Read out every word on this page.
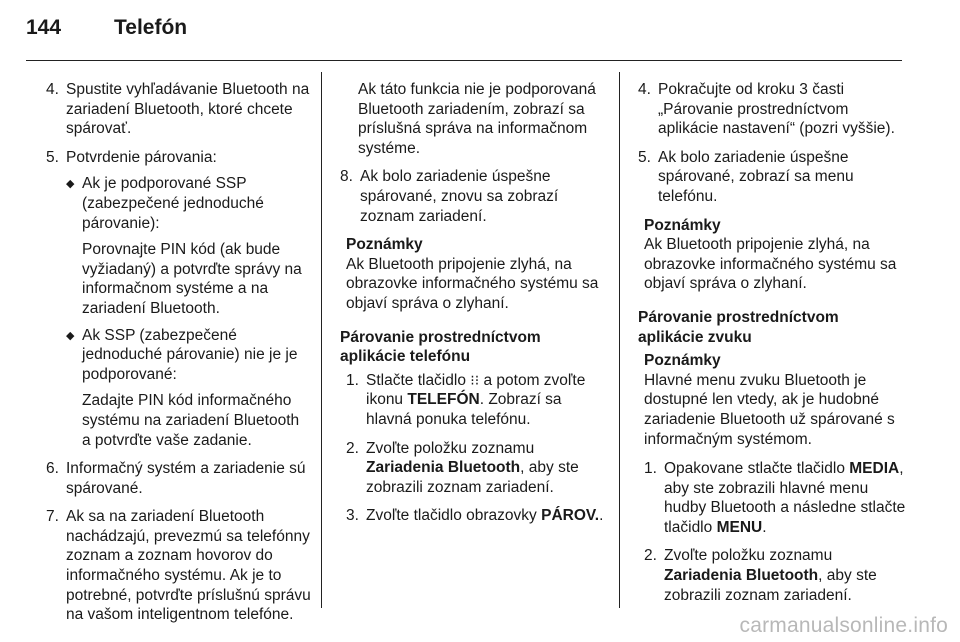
144	Telefón
4. Spustite vyhľadávanie Bluetooth na zariadení Bluetooth, ktoré chcete spárovať.
5. Potvrdenie párovania:
◆ Ak je podporované SSP (zabezpečené jednoduché párovanie):
Porovnajte PIN kód (ak bude vyžiadaný) a potvrďte správy na informačnom systéme a na zariadení Bluetooth.
◆ Ak SSP (zabezpečené jednoduché párovanie) nie je je podporované:
Zadajte PIN kód informačného systému na zariadení Bluetooth a potvrďte vaše zadanie.
6. Informačný systém a zariadenie sú spárované.
7. Ak sa na zariadení Bluetooth nachádzajú, prevezmú sa telefónny zoznam a zoznam hovorov do informačného systému. Ak je to potrebné, potvrďte príslušnú správu na vašom inteligentnom telefóne.
Ak táto funkcia nie je podporovaná Bluetooth zariadením, zobrazí sa príslušná správa na informačnom systéme.
8. Ak bolo zariadenie úspešne spárované, znovu sa zobrazí zoznam zariadení.
Poznámky
Ak Bluetooth pripojenie zlyhá, na obrazovke informačného systému sa objaví správa o zlyhaní.
Párovanie prostredníctvom aplikácie telefónu
1. Stlačte tlačidlo ⁝⁝ a potom zvoľte ikonu TELEFÓN. Zobrazí sa hlavná ponuka telefónu.
2. Zvoľte položku zoznamu Zariadenia Bluetooth, aby ste zobrazili zoznam zariadení.
3. Zvoľte tlačidlo obrazovky PÁROV..
4. Pokračujte od kroku 3 časti „Párovanie prostredníctvom aplikácie nastavení“ (pozri vyššie).
5. Ak bolo zariadenie úspešne spárované, zobrazí sa menu telefónu.
Poznámky
Ak Bluetooth pripojenie zlyhá, na obrazovke informačného systému sa objaví správa o zlyhaní.
Párovanie prostredníctvom aplikácie zvuku
Poznámky
Hlavné menu zvuku Bluetooth je dostupné len vtedy, ak je hudobné zariadenie Bluetooth už spárované s informačným systémom.
1. Opakovane stlačte tlačidlo MEDIA, aby ste zobrazili hlavné menu hudby Bluetooth a následne stlačte tlačidlo MENU.
2. Zvoľte položku zoznamu Zariadenia Bluetooth, aby ste zobrazili zoznam zariadení.
carmanualsonline.info
